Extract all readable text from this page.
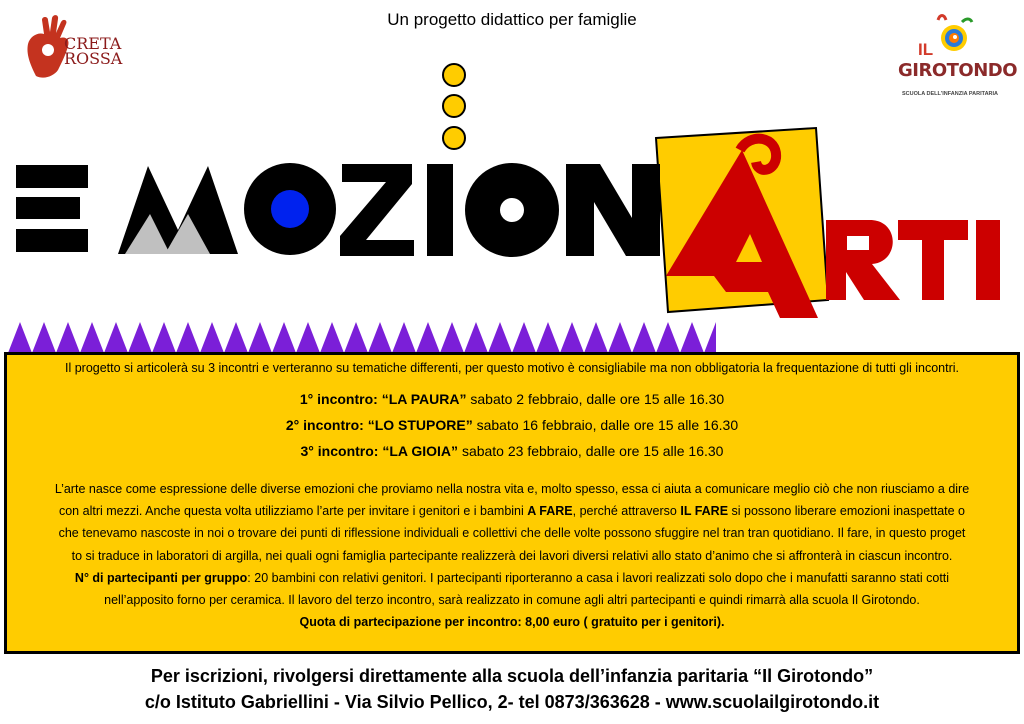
Un progetto didattico per famiglie
CRETA
ROSSA	IL
GIROTONDO
SCUOLA DELL'INFANZIA PARITARIA
Il progetto si articolerà su 3 incontri e verteranno su tematiche differenti, per questo motivo è consigliabile ma non obbligatoria la frequentazione di tutti gli incontri.
1° incontro: “LA PAURA” sabato 2 febbraio, dalle ore 15 alle 16.30
2° incontro: “LO STUPORE” sabato 16 febbraio, dalle ore 15 alle 16.30
3° incontro: “LA GIOIA” sabato 23 febbraio, dalle ore 15 alle 16.30

L’arte nasce come espressione delle diverse emozioni che proviamo nella nostra vita e, molto spesso, essa ci aiuta a comunicare meglio ciò che non riusciamo a dire

con altri mezzi. Anche questa volta utilizziamo l’arte per invitare i genitori e i bambini A FARE, perché attraverso IL FARE si possono liberare emozioni inaspettate o

che tenevamo nascoste in noi o trovare dei punti di riflessione individuali e collettivi che delle volte possono sfuggire nel tran tran quotidiano. Il fare, in questo proget

to si traduce in laboratori di argilla, nei quali ogni famiglia partecipante realizzerà dei lavori diversi relativi allo stato d’animo che si affronterà in ciascun incontro.

N° di partecipanti per gruppo: 20 bambini con relativi genitori. I partecipanti riporteranno a casa i lavori realizzati solo dopo che i manufatti saranno stati cotti

nell’apposito forno per ceramica. Il lavoro del terzo incontro, sarà realizzato in comune agli altri partecipanti e quindi rimarrà alla scuola Il Girotondo.

Quota di partecipazione per incontro: 8,00 euro ( gratuito per i genitori).

Per iscrizioni, rivolgersi direttamente alla scuola dell’infanzia paritaria “Il Girotondo”
c/o Istituto Gabriellini - Via Silvio Pellico, 2- tel 0873/363628 - www.scuolailgirotondo.it
